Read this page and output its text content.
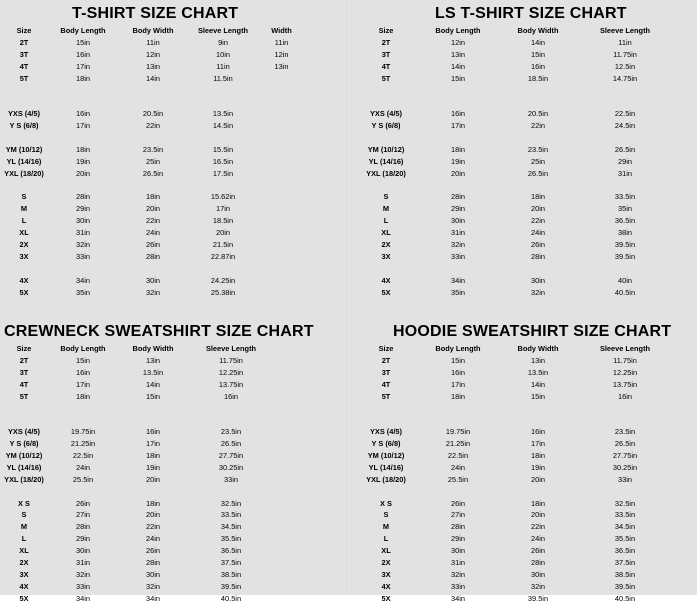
T-SHIRT SIZE CHART
Size	Body Length	Body Width	Sleeve Length	Width
2T	15in	11in	9in	11in
3T	16in	12in	10in	12in
4T	17in	13in	11in	13in
5T	18in	14in	11.5in
YXS (4/5)	16in	20.5in	13.5in
Y S (6/8)	17in	22in	14.5in
YM (10/12)	18in	23.5in	15.5in
YL (14/16)	19in	25in	16.5in
YXL (18/20)	20in	26.5in	17.5in
S	28in	18in	15.62in
M	29in	20in	17in
L	30in	22in	18.5in
XL	31in	24in	20in
2X	32in	26in	21.5in
3X	33in	28in	22.87in
4X	34in	30in	24.25in
5X	35in	32in	25.38in
LS T-SHIRT SIZE CHART
Size	Body Length	Body Width	Sleeve Length
2T	12in	14in	11in
3T	13in	15in	11.75in
4T	14in	16in	12.5in
5T	15in	18.5in	14.75in
YXS (4/5)	16in	20.5in	22.5in
Y S (6/8)	17in	22in	24.5in
YM (10/12)	18in	23.5in	26.5in
YL (14/16)	19in	25in	29in
YXL (18/20)	20in	26.5in	31in
S	28in	18in	33.5in
M	29in	20in	35in
L	30in	22in	36.5in
XL	31in	24in	38in
2X	32in	26in	39.5in
3X	33in	28in	39.5in
4X	34in	30in	40in
5X	35in	32in	40.5in
CREWNECK SWEATSHIRT SIZE CHART
Size	Body Length	Body Width	Sleeve Length
2T	15in	13in	11.75in
3T	16in	13.5in	12.25in
4T	17in	14in	13.75in
5T	18in	15in	16in
YXS (4/5)	19.75in	16in	23.5in
Y S (6/8)	21.25in	17in	26.5in
YM (10/12)	22.5in	18in	27.75in
YL (14/16)	24in	19in	30.25in
YXL (18/20)	25.5in	20in	33in
X S	26in	18in	32.5in
S	27in	20in	33.5in
M	28in	22in	34.5in
L	29in	24in	35.5in
XL	30in	26in	36.5in
2X	31in	28in	37.5in
3X	32in	30in	38.5in
4X	33in	32in	39.5in
5X	34in	34in	40.5in
HOODIE SWEATSHIRT SIZE CHART
Size	Body Length	Body Width	Sleeve Length
2T	15in	13in	11.75in
3T	16in	13.5in	12.25in
4T	17in	14in	13.75in
5T	18in	15in	16in
YXS (4/5)	19.75in	16in	23.5in
Y S (6/8)	21.25in	17in	26.5in
YM (10/12)	22.5in	18in	27.75in
YL (14/16)	24in	19in	30.25in
YXL (18/20)	25.5in	20in	33in
X S	26in	18in	32.5in
S	27in	20in	33.5in
M	28in	22in	34.5in
L	29in	24in	35.5in
XL	30in	26in	36.5in
2X	31in	28in	37.5in
3X	32in	30in	38.5in
4X	33in	32in	39.5in
5X	34in	39.5in	40.5in
